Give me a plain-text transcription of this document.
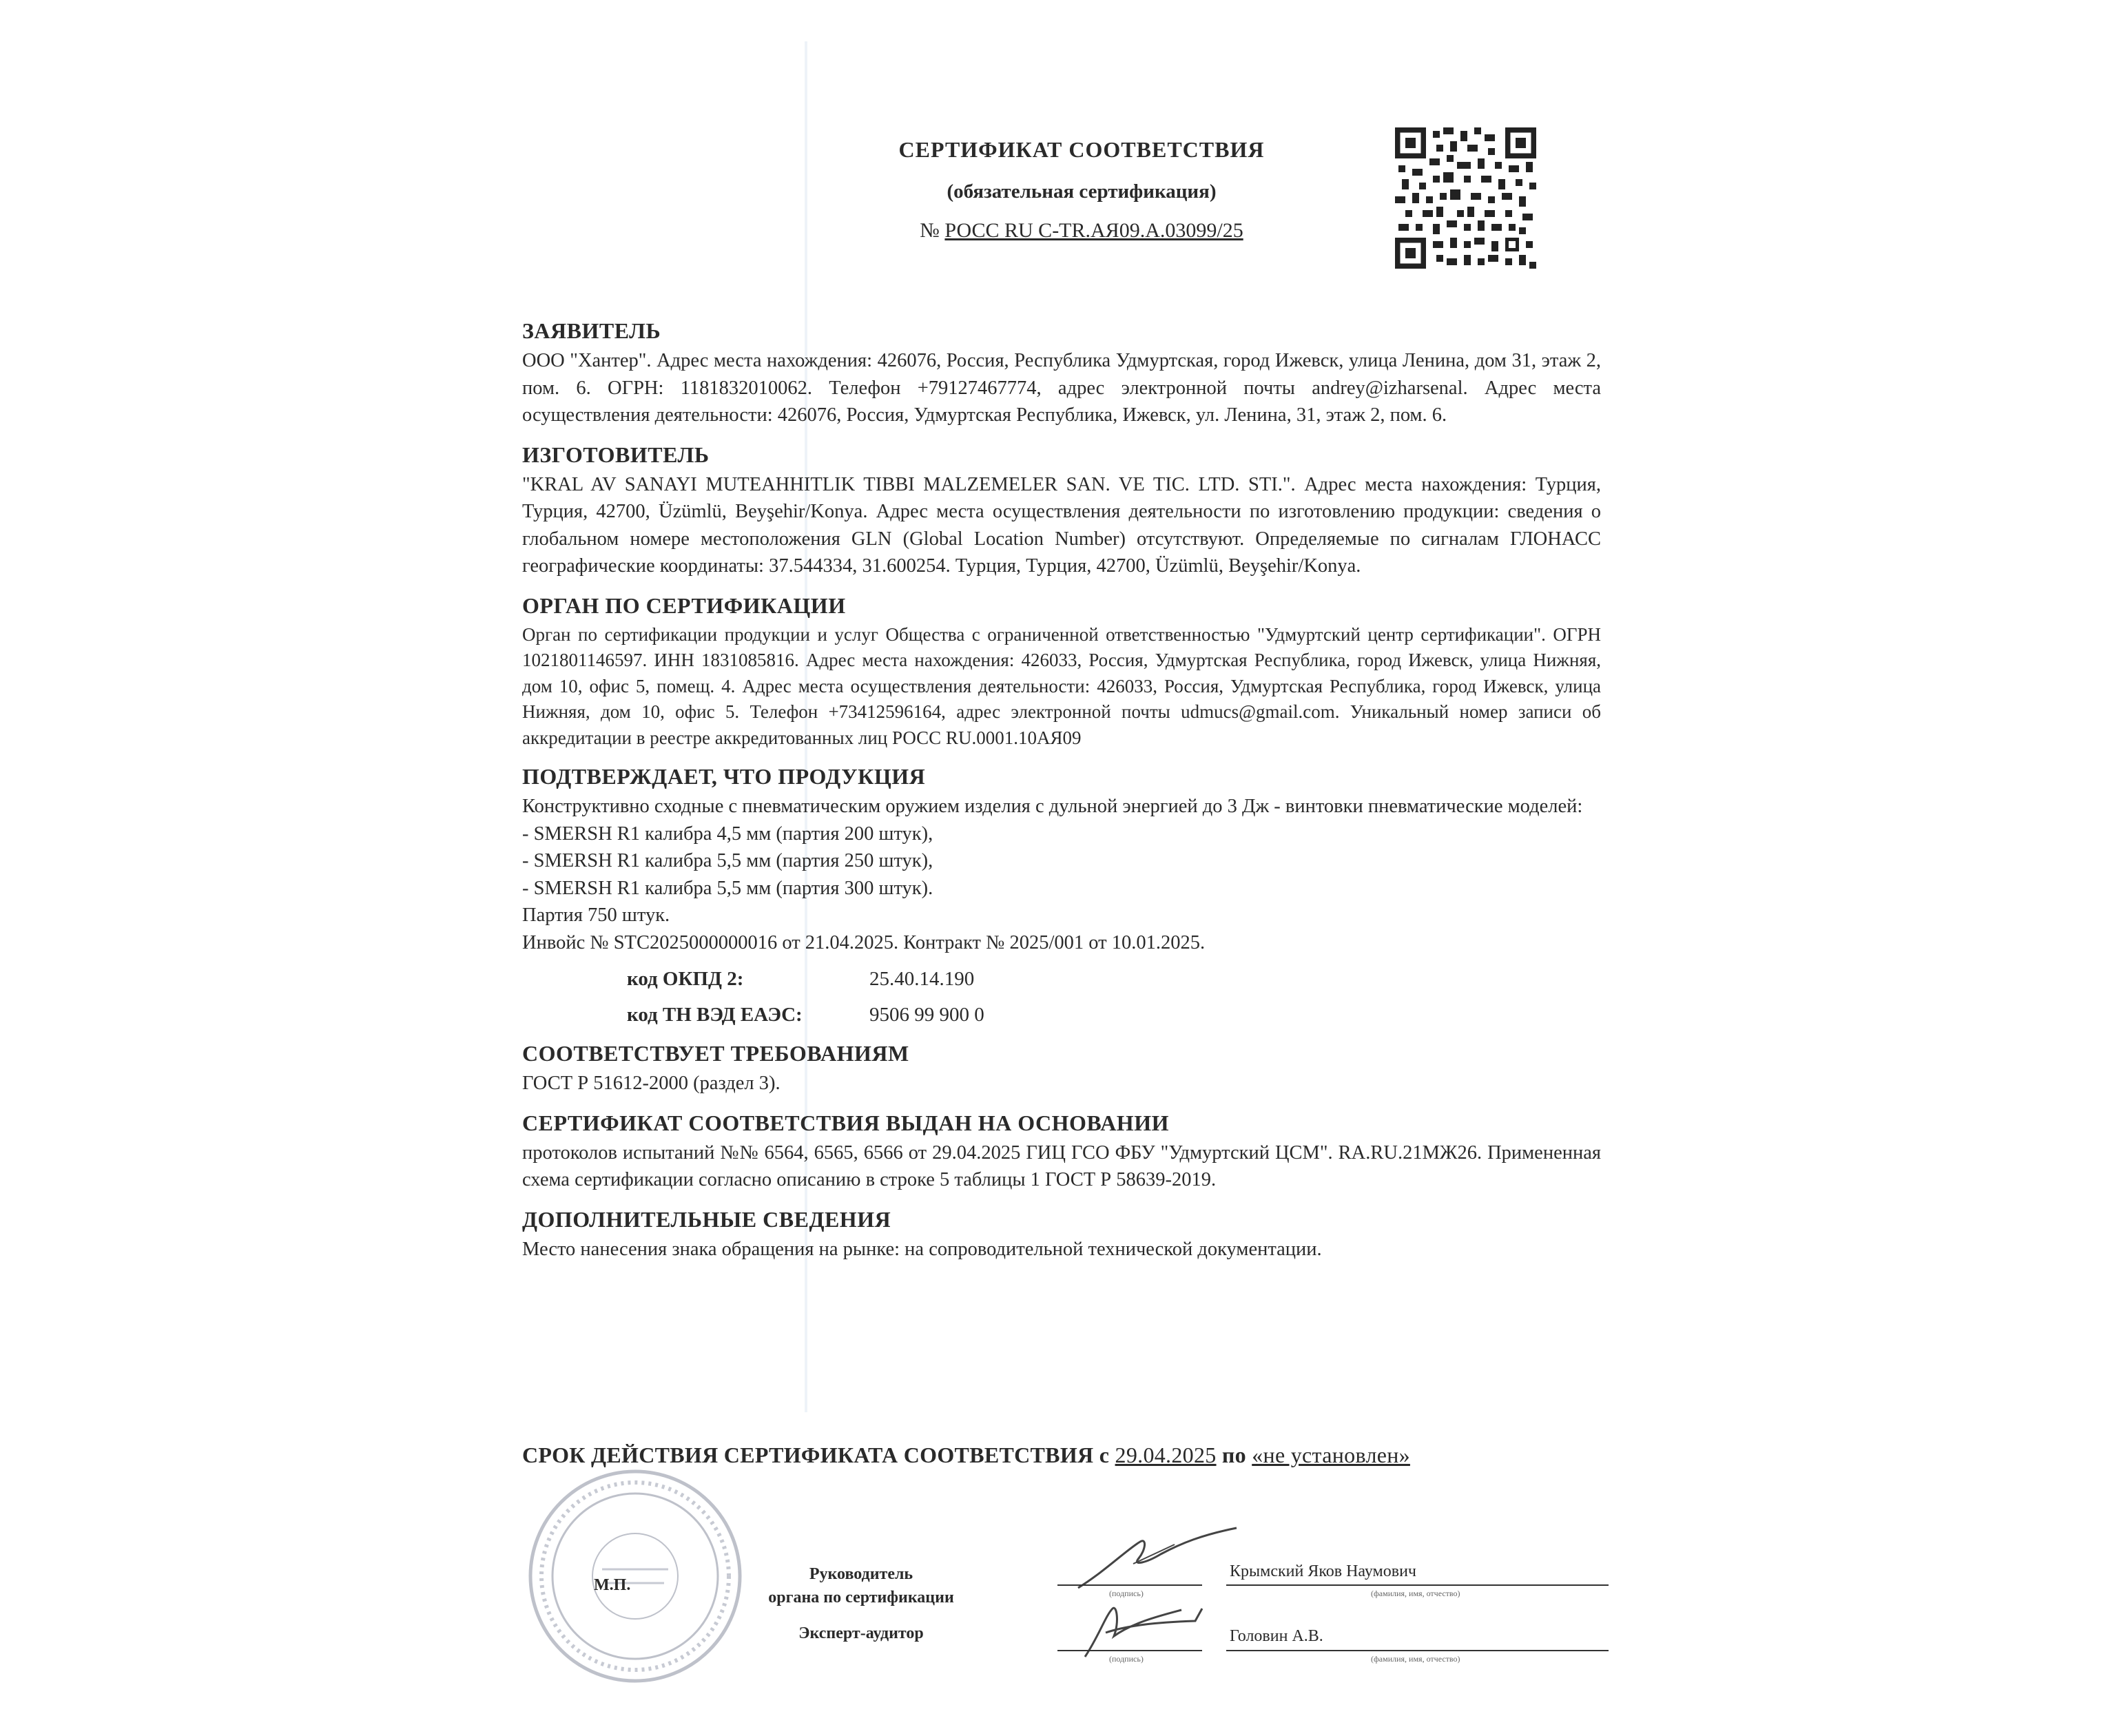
СЕРТИФИКАТ СООТВЕТСТВИЯ
(обязательная сертификация)
№ РОСС RU C-TR.АЯ09.А.03099/25
ЗАЯВИТЕЛЬ

ООО "Хантер". Адрес места нахождения: 426076, Россия, Республика Удмуртская, город Ижевск, улица Ленина, дом 31, этаж 2, пом. 6. ОГРН: 1181832010062. Телефон +79127467774, адрес электронной почты andrey@izharsenal. Адрес места осуществления деятельности: 426076, Россия, Удмуртская Республика, Ижевск, ул. Ленина, 31, этаж 2, пом. 6.

ИЗГОТОВИТЕЛЬ

"KRAL AV SANAYI MUTEAHHITLIK TIBBI MALZEMELER SAN. VE TIC. LTD. STI.". Адрес места нахождения: Турция, Турция, 42700, Üzümlü, Beyşehir/Konya. Адрес места осуществления деятельности по изготовлению продукции: сведения о глобальном номере местоположения GLN (Global Location Number) отсутствуют. Определяемые по сигналам ГЛОНАСС географические координаты: 37.544334, 31.600254. Турция, Турция, 42700, Üzümlü, Beyşehir/Konya.

ОРГАН ПО СЕРТИФИКАЦИИ

Орган по сертификации продукции и услуг Общества с ограниченной ответственностью "Удмуртский центр сертификации". ОГРН 1021801146597. ИНН 1831085816. Адрес места нахождения: 426033, Россия, Удмуртская Республика, город Ижевск, улица Нижняя, дом 10, офис 5, помещ. 4. Адрес места осуществления деятельности: 426033, Россия, Удмуртская Республика, город Ижевск, улица Нижняя, дом 10, офис 5. Телефон +73412596164, адрес электронной почты udmucs@gmail.com. Уникальный номер записи об аккредитации в реестре аккредитованных лиц РОСС RU.0001.10АЯ09

ПОДТВЕРЖДАЕТ, ЧТО ПРОДУКЦИЯ

Конструктивно сходные с пневматическим оружием изделия с дульной энергией до 3 Дж - винтовки пневматические моделей:

- SMERSH R1 калибра 4,5 мм (партия 200 штук),
- SMERSH R1 калибра 5,5 мм (партия 250 штук),
- SMERSH R1 калибра 5,5 мм (партия 300 штук).
Партия 750 штук.
Инвойс № STC2025000000016 от 21.04.2025. Контракт № 2025/001 от 10.01.2025.
код ОКПД 2:	25.40.14.190
код ТН ВЭД ЕАЭС:	9506 99 900 0
СООТВЕТСТВУЕТ ТРЕБОВАНИЯМ

ГОСТ Р 51612-2000 (раздел 3).

СЕРТИФИКАТ СООТВЕТСТВИЯ ВЫДАН НА ОСНОВАНИИ

протоколов испытаний №№ 6564, 6565, 6566 от 29.04.2025 ГИЦ ГСО ФБУ "Удмуртский ЦСМ". RA.RU.21МЖ26. Примененная схема сертификации согласно описанию в строке 5 таблицы 1 ГОСТ Р 58639-2019.

ДОПОЛНИТЕЛЬНЫЕ СВЕДЕНИЯ

Место нанесения знака обращения на рынке: на сопроводительной технической документации.

СРОК ДЕЙСТВИЯ СЕРТИФИКАТА СООТВЕТСТВИЯ с 29.04.2025 по «не установлен»
М.П.
Руководитель
органа по сертификации
Эксперт-аудитор
(подпись)
Крымский Яков Наумович
(фамилия, имя, отчество)
(подпись)
Головин А.В.
(фамилия, имя, отчество)
